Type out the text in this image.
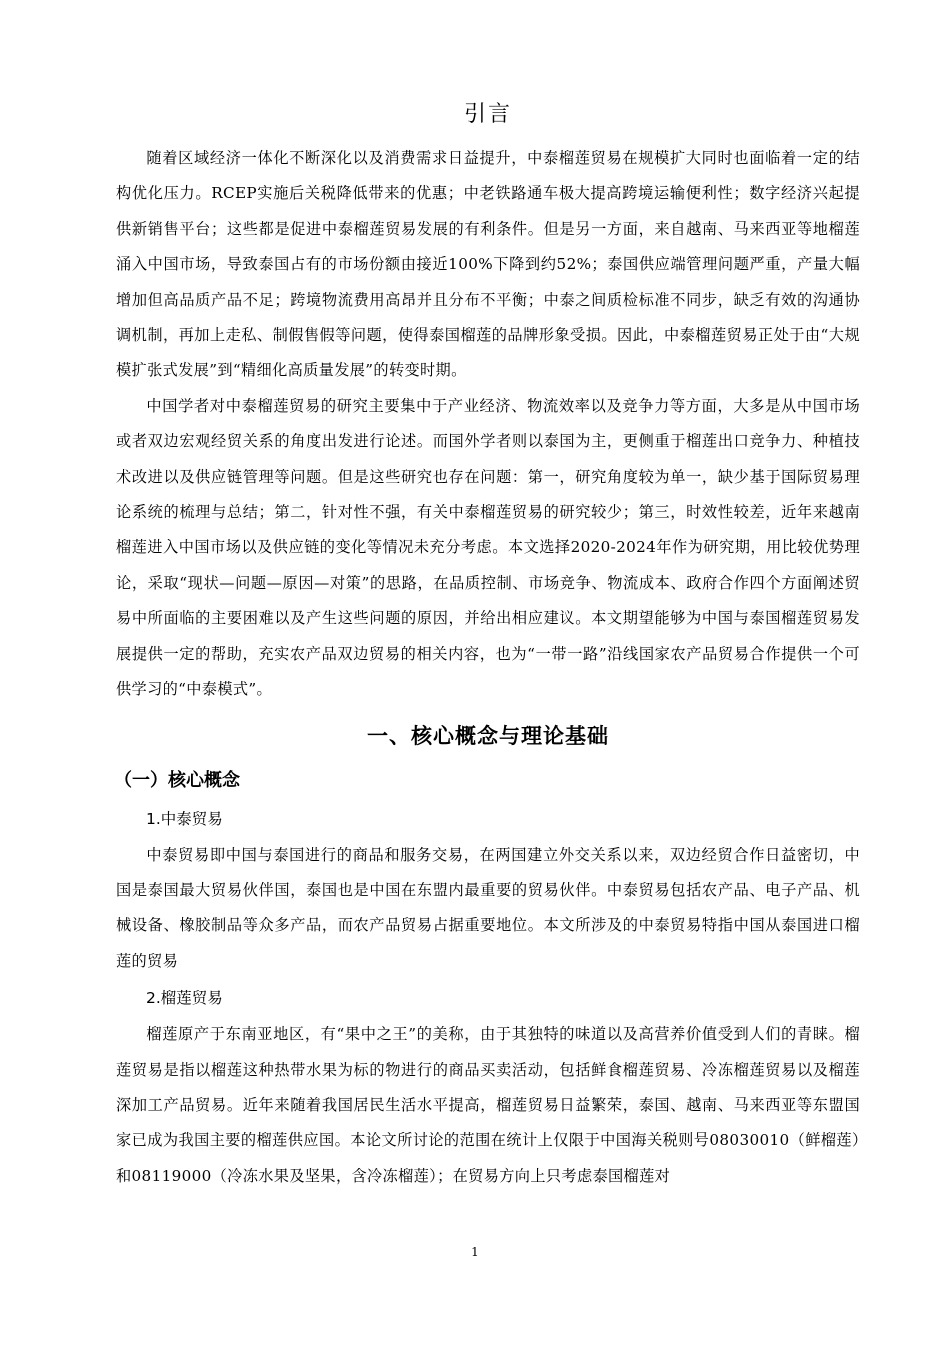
引言

随着区域经济一体化不断深化以及消费需求日益提升，中泰榴莲贸易在规模扩大同时也面临着一定的结构优化压力。RCEP实施后关税降低带来的优惠；中老铁路通车极大提高跨境运输便利性；数字经济兴起提供新销售平台；这些都是促进中泰榴莲贸易发展的有利条件。但是另一方面，来自越南、马来西亚等地榴莲涌入中国市场，导致泰国占有的市场份额由接近100%下降到约52%；泰国供应端管理问题严重，产量大幅增加但高品质产品不足；跨境物流费用高昂并且分布不平衡；中泰之间质检标准不同步，缺乏有效的沟通协调机制，再加上走私、制假售假等问题，使得泰国榴莲的品牌形象受损。因此，中泰榴莲贸易正处于由“大规模扩张式发展”到“精细化高质量发展”的转变时期。

中国学者对中泰榴莲贸易的研究主要集中于产业经济、物流效率以及竞争力等方面，大多是从中国市场或者双边宏观经贸关系的角度出发进行论述。而国外学者则以泰国为主，更侧重于榴莲出口竞争力、种植技术改进以及供应链管理等问题。但是这些研究也存在问题：第一，研究角度较为单一，缺少基于国际贸易理论系统的梳理与总结；第二，针对性不强，有关中泰榴莲贸易的研究较少；第三，时效性较差，近年来越南榴莲进入中国市场以及供应链的变化等情况未充分考虑。本文选择2020-2024年作为研究期，用比较优势理论，采取“现状—问题—原因—对策”的思路，在品质控制、市场竞争、物流成本、政府合作四个方面阐述贸易中所面临的主要困难以及产生这些问题的原因，并给出相应建议。本文期望能够为中国与泰国榴莲贸易发展提供一定的帮助，充实农产品双边贸易的相关内容，也为“一带一路”沿线国家农产品贸易合作提供一个可供学习的“中泰模式”。

一、核心概念与理论基础
（一）核心概念
1.中泰贸易

中泰贸易即中国与泰国进行的商品和服务交易，在两国建立外交关系以来，双边经贸合作日益密切，中国是泰国最大贸易伙伴国，泰国也是中国在东盟内最重要的贸易伙伴。中泰贸易包括农产品、电子产品、机械设备、橡胶制品等众多产品，而农产品贸易占据重要地位。本文所涉及的中泰贸易特指中国从泰国进口榴莲的贸易

2.榴莲贸易

榴莲原产于东南亚地区，有“果中之王”的美称，由于其独特的味道以及高营养价值受到人们的青睐。榴莲贸易是指以榴莲这种热带水果为标的物进行的商品买卖活动，包括鲜食榴莲贸易、冷冻榴莲贸易以及榴莲深加工产品贸易。近年来随着我国居民生活水平提高，榴莲贸易日益繁荣，泰国、越南、马来西亚等东盟国家已成为我国主要的榴莲供应国。本论文所讨论的范围在统计上仅限于中国海关税则号08030010（鲜榴莲）和08119000（冷冻水果及坚果，含冷冻榴莲）；在贸易方向上只考虑泰国榴莲对

1
